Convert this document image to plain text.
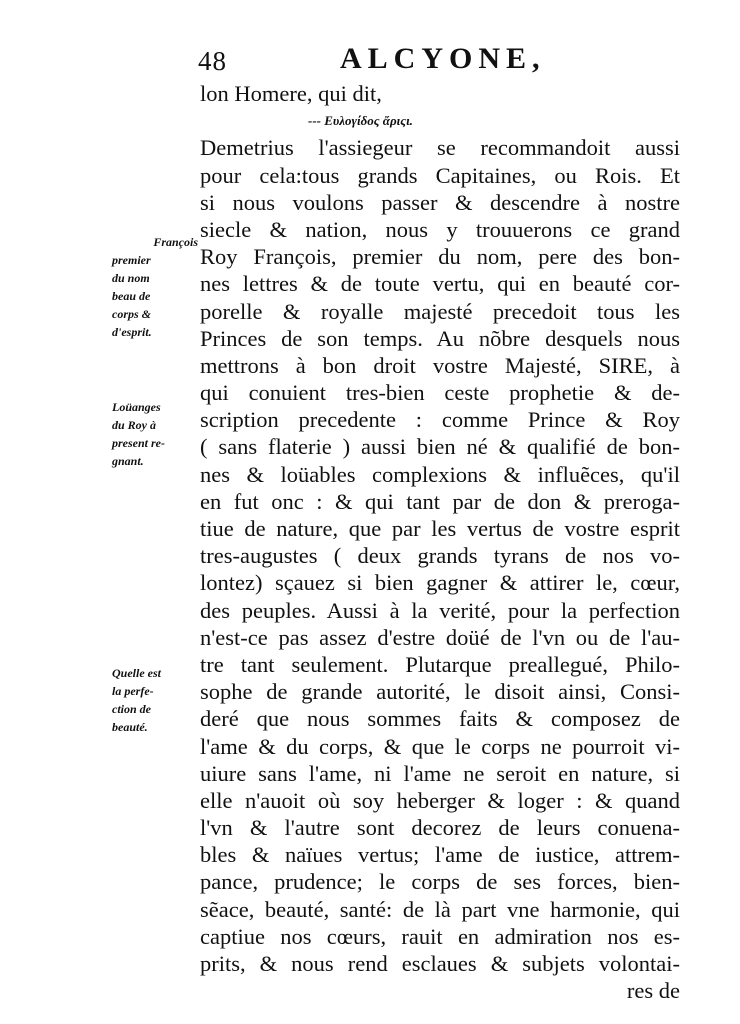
48	ALCYONE,
lon Homere, qui dit,
--- Ευλογίδος ἄριςι.
Demetrius l'assiegeur se recommandoit aussi
pour cela:tous grands Capitaines, ou Rois. Et
si nous voulons passer & descendre à nostre
siecle & nation, nous y trouuerons ce grand
Roy François, premier du nom, pere des bon-
nes lettres & de toute vertu, qui en beauté cor-
porelle & royalle majesté precedoit tous les
Princes de son temps. Au nõbre desquels nous
mettrons à bon droit vostre Majesté, SIRE, à
qui conuient tres-bien ceste prophetie & de-
scription precedente : comme Prince & Roy
( sans flaterie ) aussi bien né & qualifié de bon-
nes & loüables complexions & influẽces, qu'il
en fut onc : & qui tant par de don & preroga-
tiue de nature, que par les vertus de vostre esprit
tres-augustes ( deux grands tyrans de nos vo-
lontez) sçauez si bien gagner & attirer le, cœur,
des peuples. Aussi à la verité, pour la perfection
n'est-ce pas assez d'estre doüé de l'vn ou de l'au-
tre tant seulement. Plutarque preallegué, Philo-
sophe de grande autorité, le disoit ainsi, Consi-
deré que nous sommes faits & composez de
l'ame & du corps, & que le corps ne pourroit vi-
uiure sans l'ame, ni l'ame ne seroit en nature, si
elle n'auoit où soy heberger & loger : & quand
l'vn & l'autre sont decorez de leurs conuena-
bles & naïues vertus; l'ame de iustice, attrem-
pance, prudence; le corps de ses forces, bien-
sẽace, beauté, santé: de là part vne harmonie, qui
captiue nos cœurs, rauit en admiration nos es-
prits, & nous rend esclaues & subjets volontai-
res de
François
premier
du nom
beau de
corps &
d'esprit.
Loüanges
du Roy à
present re-
gnant.
Quelle est
la perfe-
ction de
beauté.
